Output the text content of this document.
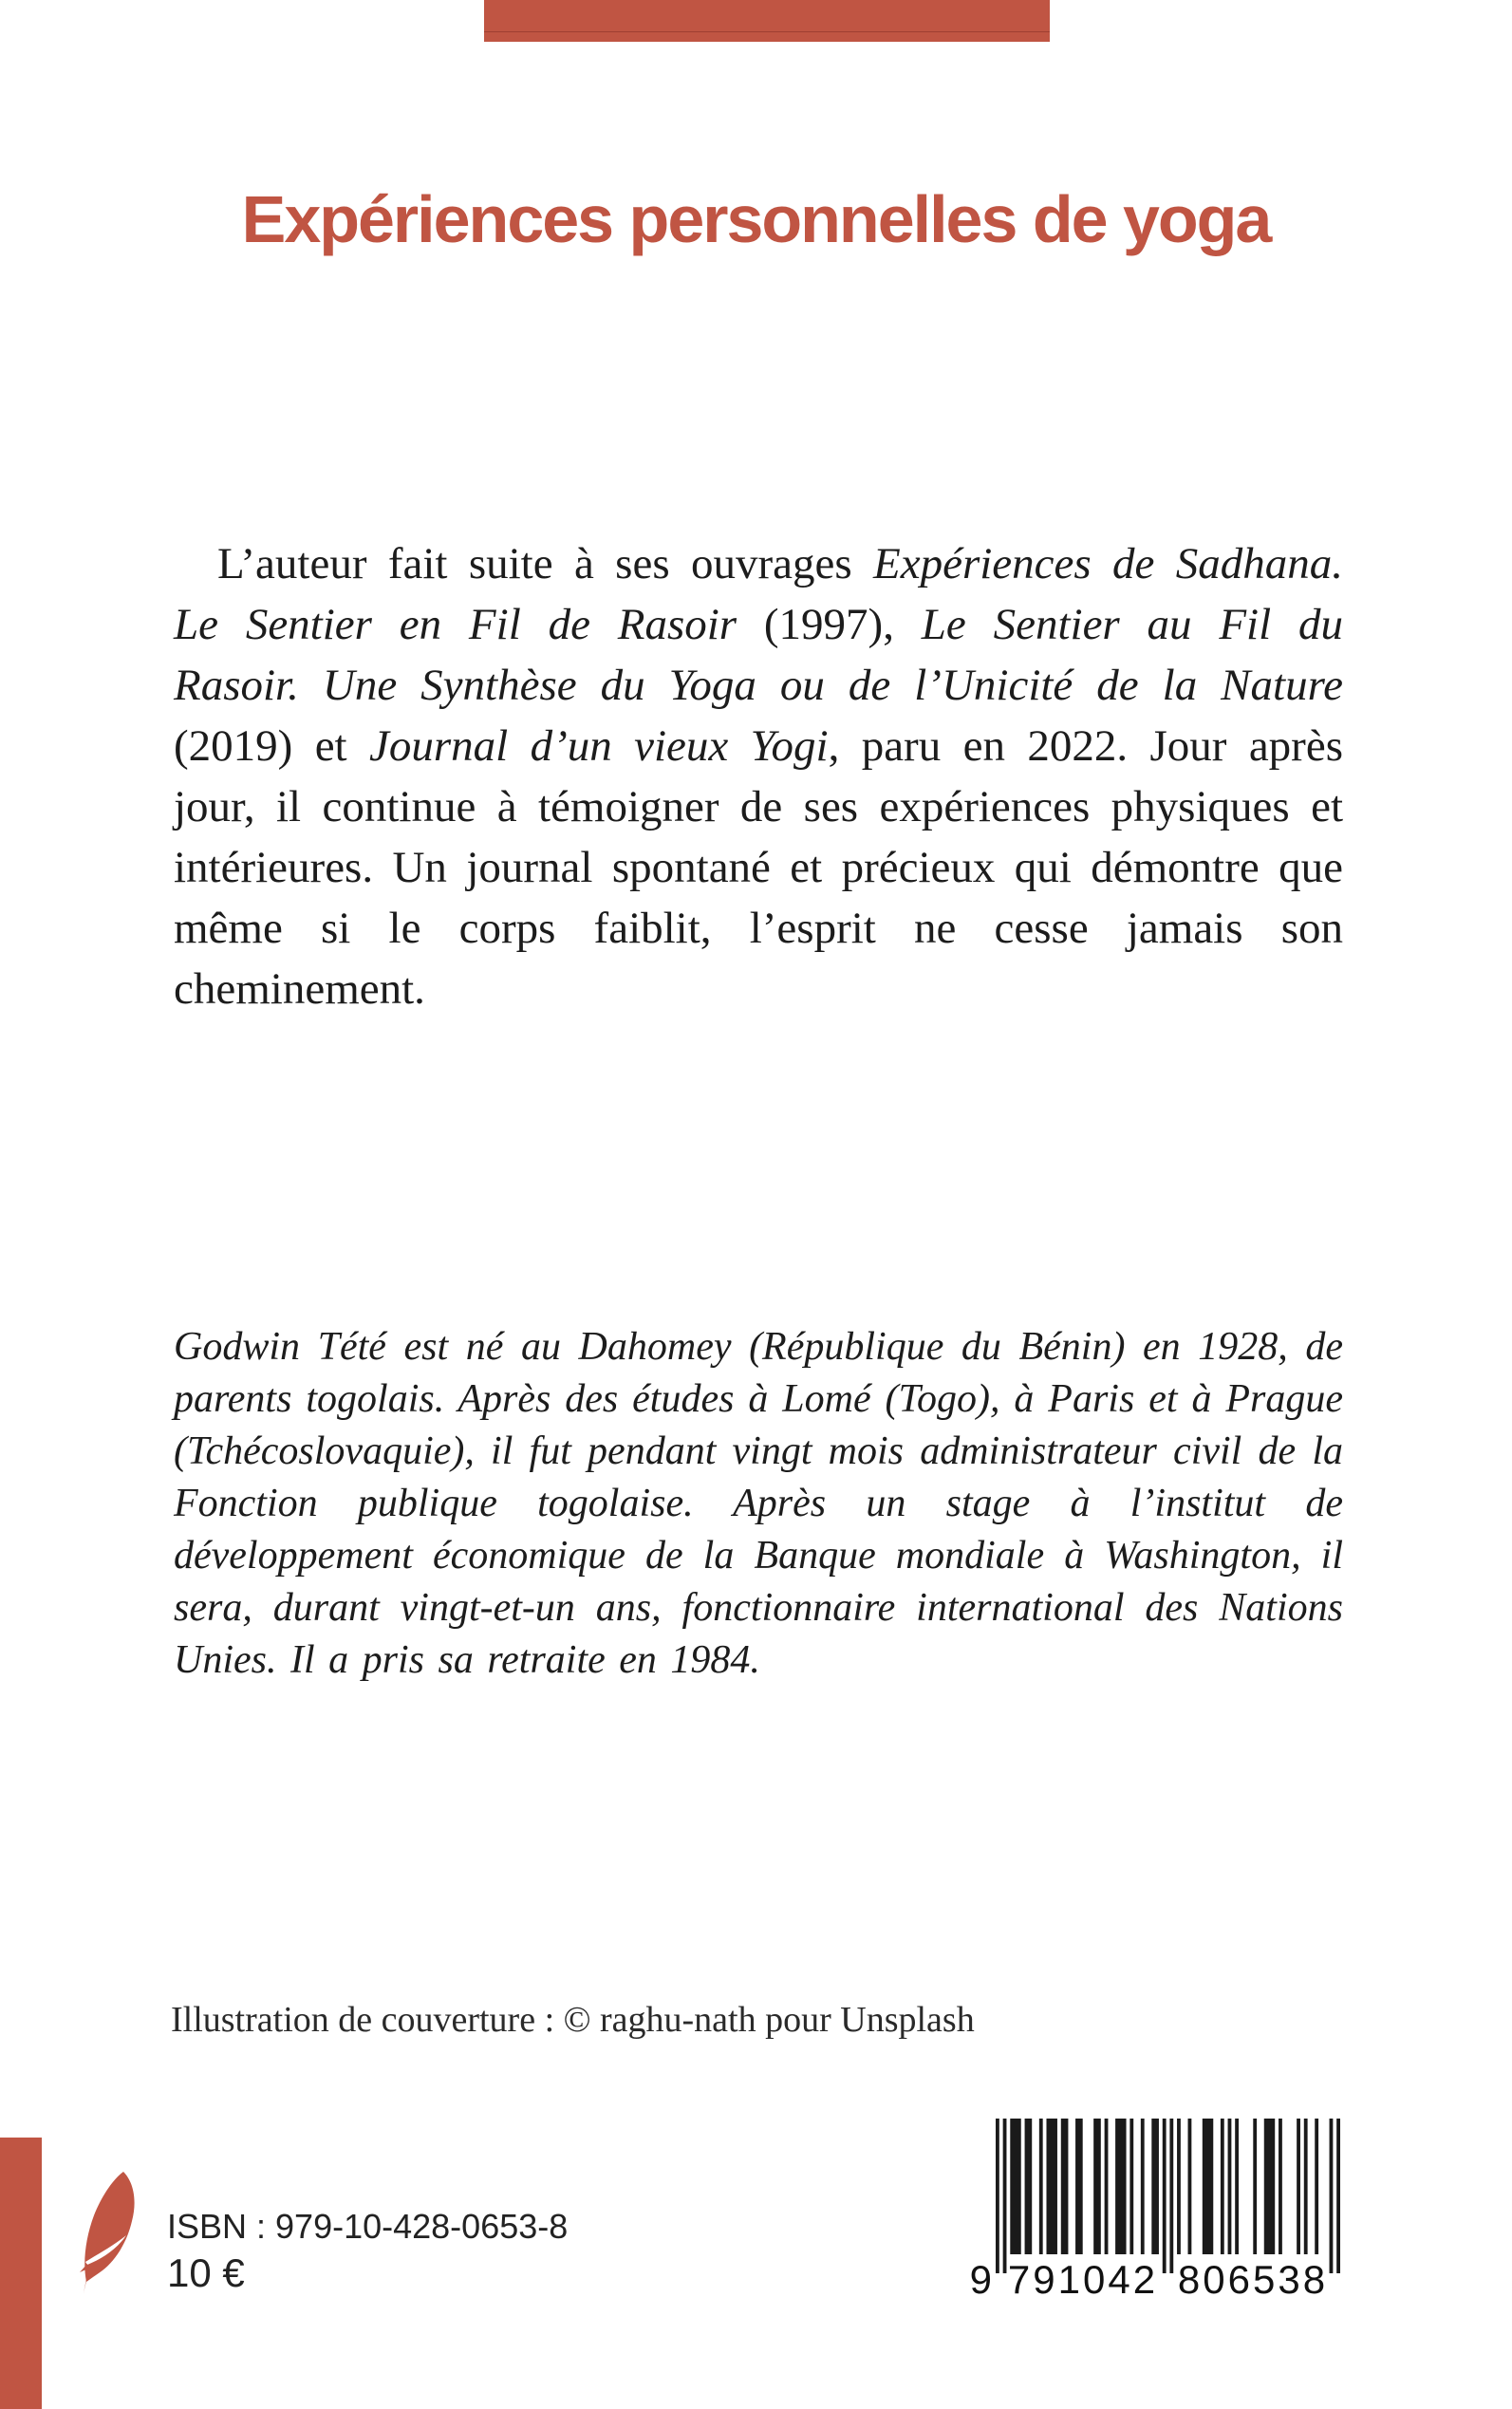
Expériences personnelles de yoga

L’auteur fait suite à ses ouvrages Expériences de Sadhana. Le Sentier en Fil de Rasoir (1997), Le Sentier au Fil du Rasoir. Une Synthèse du Yoga ou de l’Unicité de la Nature (2019) et Journal d’un vieux Yogi, paru en 2022. Jour après jour, il continue à témoigner de ses expériences physiques et intérieures. Un journal spontané et précieux qui démontre que même si le corps faiblit, l’esprit ne cesse jamais son cheminement.

Godwin Tété est né au Dahomey (République du Bénin) en 1928, de parents togolais. Après des études à Lomé (Togo), à Paris et à Prague (Tchécoslovaquie), il fut pendant vingt mois administrateur civil de la Fonction publique togolaise. Après un stage à l’institut de développement économique de la Banque mondiale à Washington, il sera, durant vingt-et-un ans, fonctionnaire international des Nations Unies. Il a pris sa retraite en 1984.

Illustration de couverture : © raghu-nath pour Unsplash

ISBN : 979-10-428-0653-8

10 €	9 791042 806538
